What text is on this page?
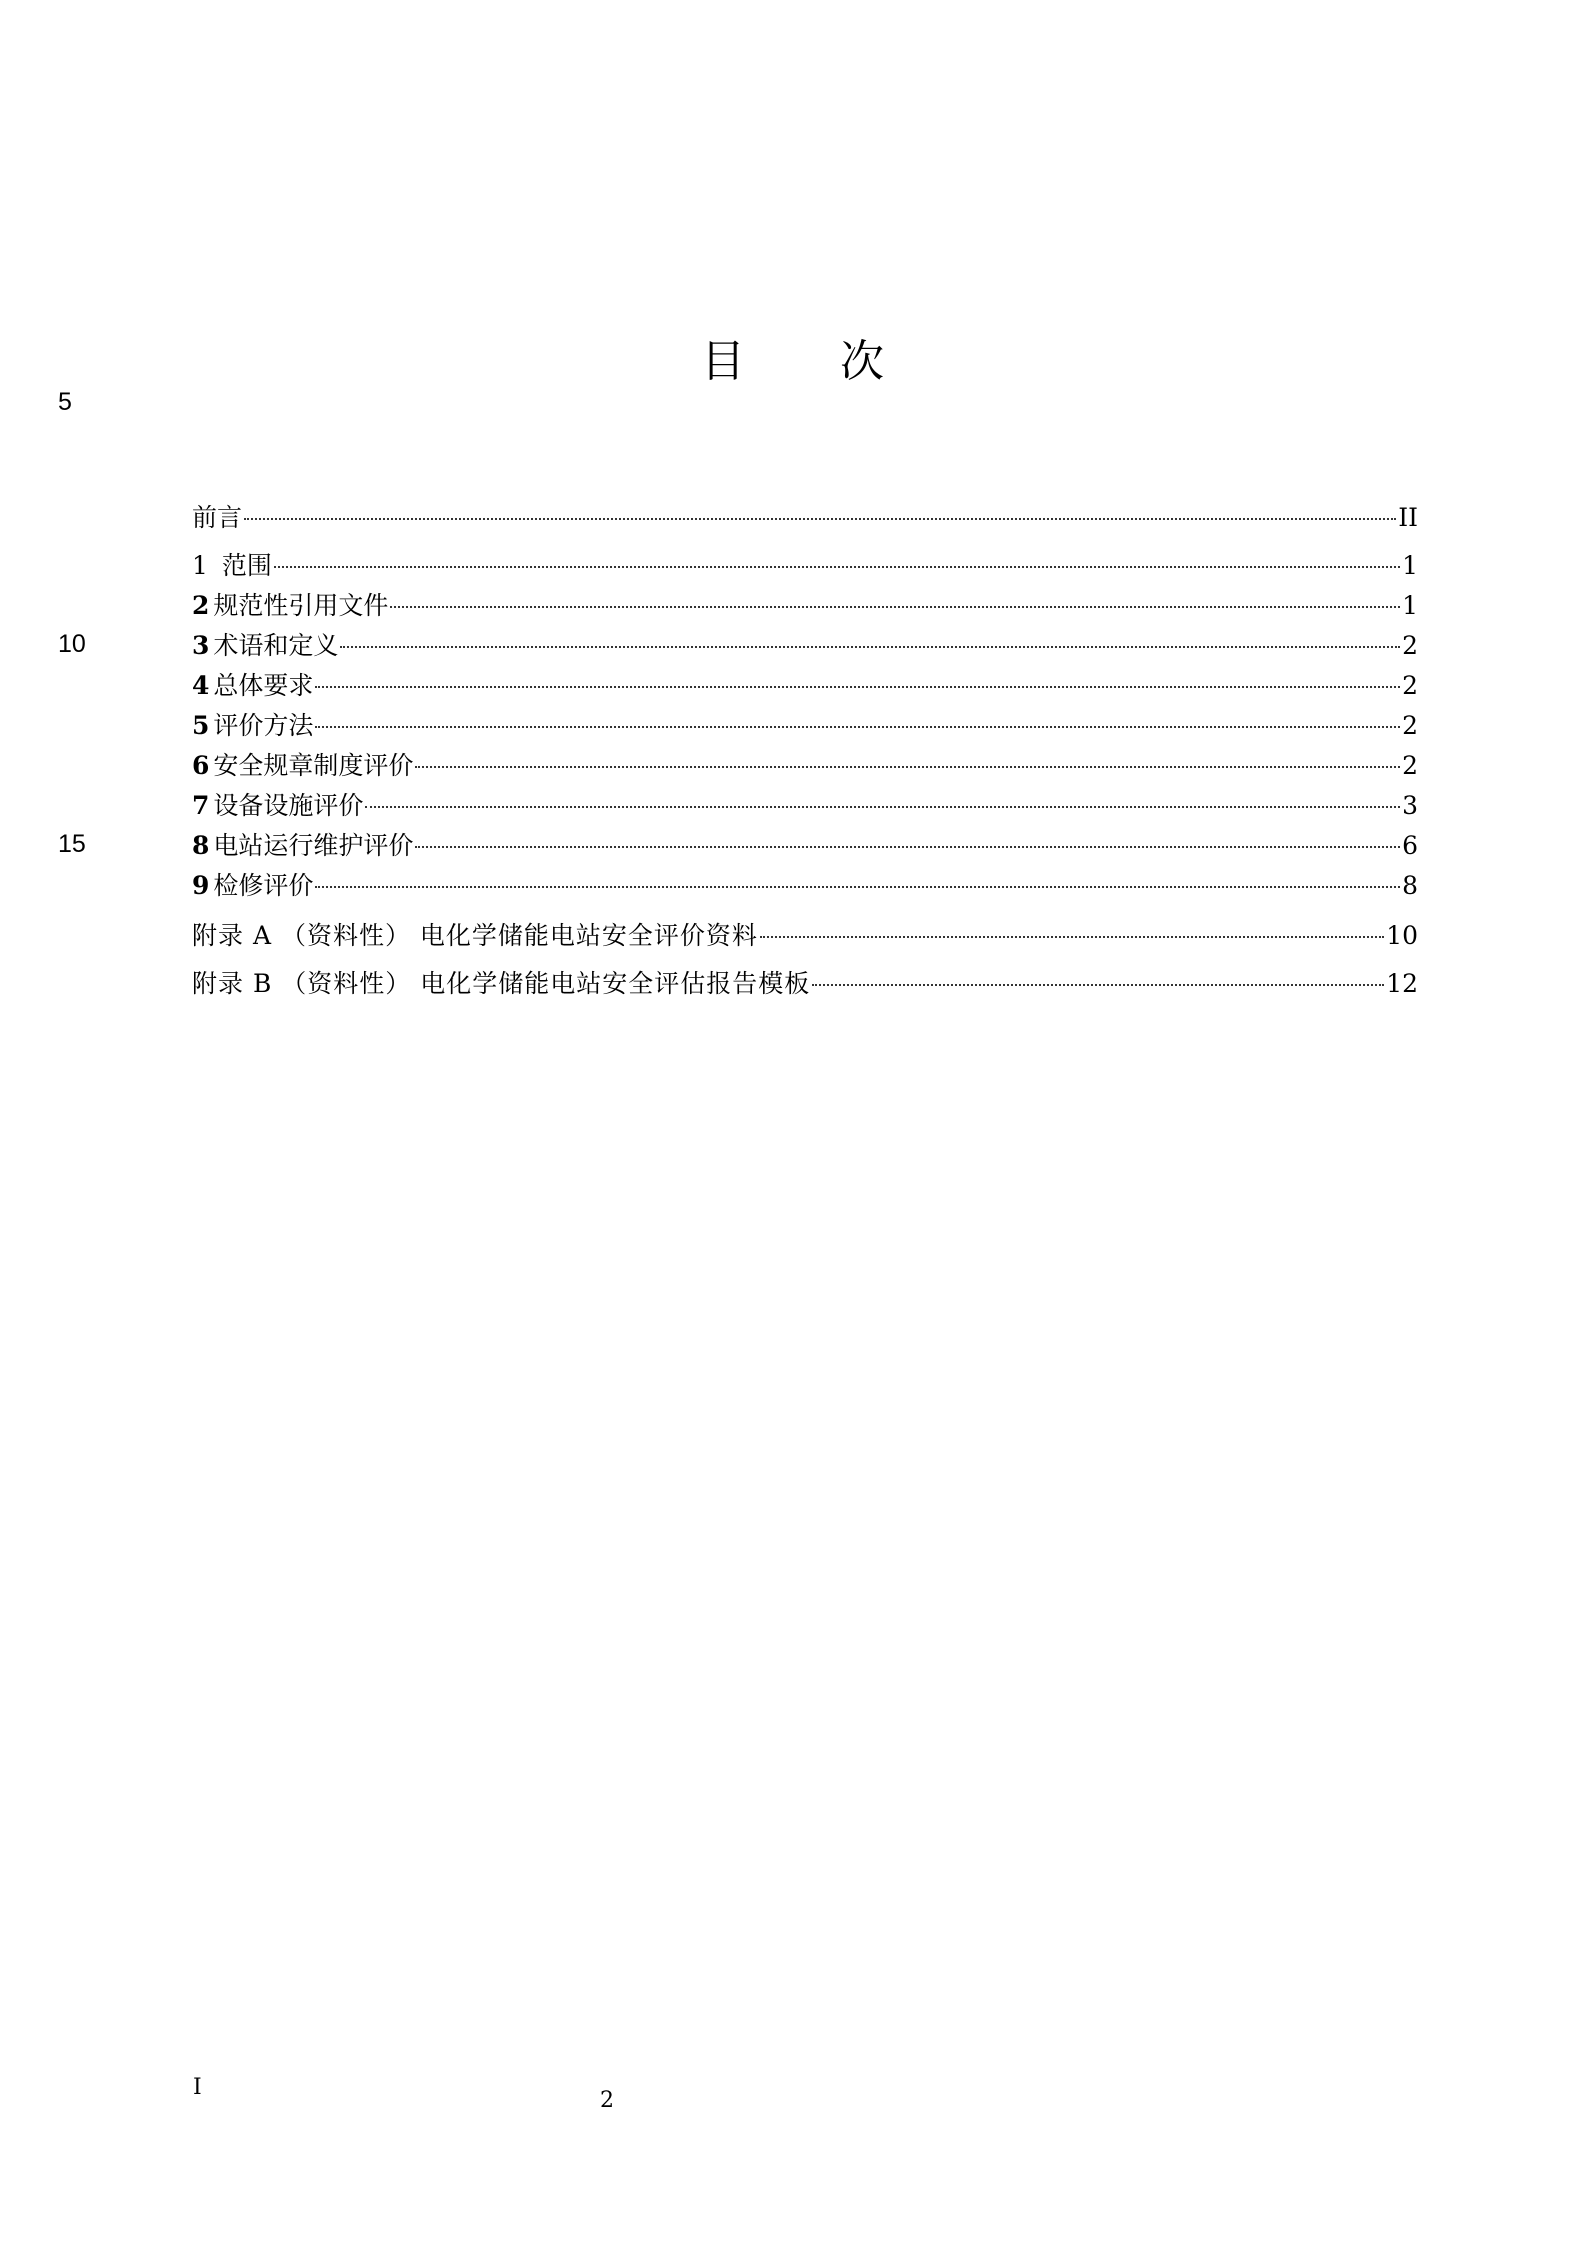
目 次
5
10
15
前言	II
1 范围	1
2 规范性引用文件	1
3 术语和定义	2
4 总体要求	2
5 评价方法	2
6 安全规章制度评价	2
7 设备设施评价	3
8 电站运行维护评价	6
9 检修评价	8
附录 A （资料性） 电化学储能电站安全评价资料	10
附录 B （资料性） 电化学储能电站安全评估报告模板	12
I
2
